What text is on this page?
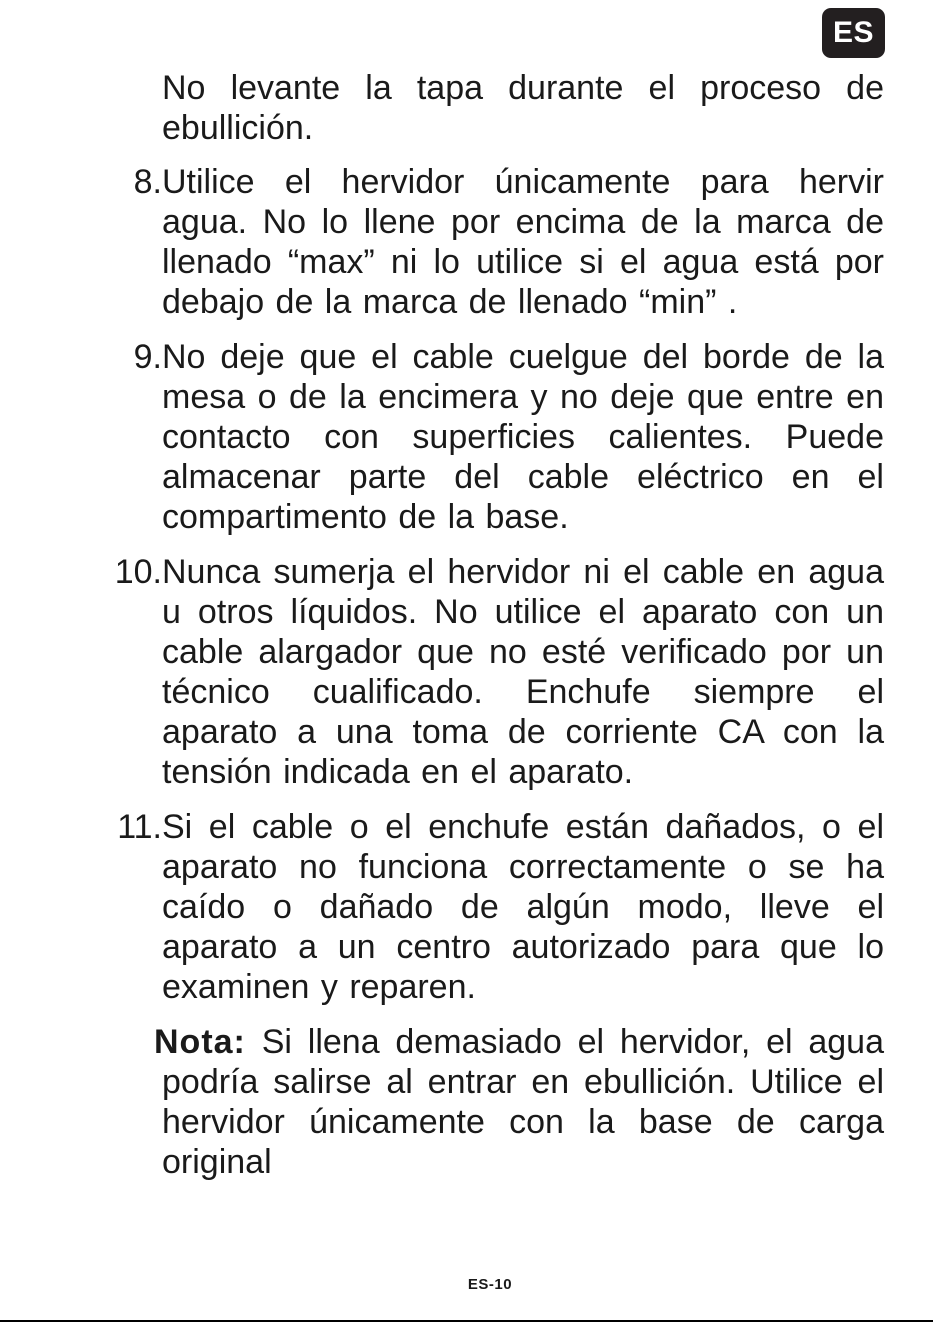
ES
No levante la tapa durante el proceso de ebullición.
8. Utilice el hervidor únicamente para hervir agua. No lo llene por encima de la marca de llenado “max” ni lo utilice si el agua está por debajo de la marca de llenado “min” .
9. No deje que el cable cuelgue del borde de la mesa o de la encimera y no deje que entre en contacto con superficies calientes. Puede almacenar parte del cable eléctrico en el compartimento de la base.
10. Nunca sumerja el hervidor ni el cable en agua u otros líquidos. No utilice el aparato con un cable alargador que no esté verificado por un técnico cualificado. Enchufe siempre el aparato a una toma de corriente CA con la tensión indicada en el aparato.
11. Si el cable o el enchufe están dañados, o el aparato no funciona correctamente o se ha caído o dañado de algún modo, lleve el aparato a un centro autorizado para que lo examinen y reparen.
Nota: Si llena demasiado el hervidor, el agua podría salirse al entrar en ebullición. Utilice el hervidor únicamente con la base de carga original
ES-10
